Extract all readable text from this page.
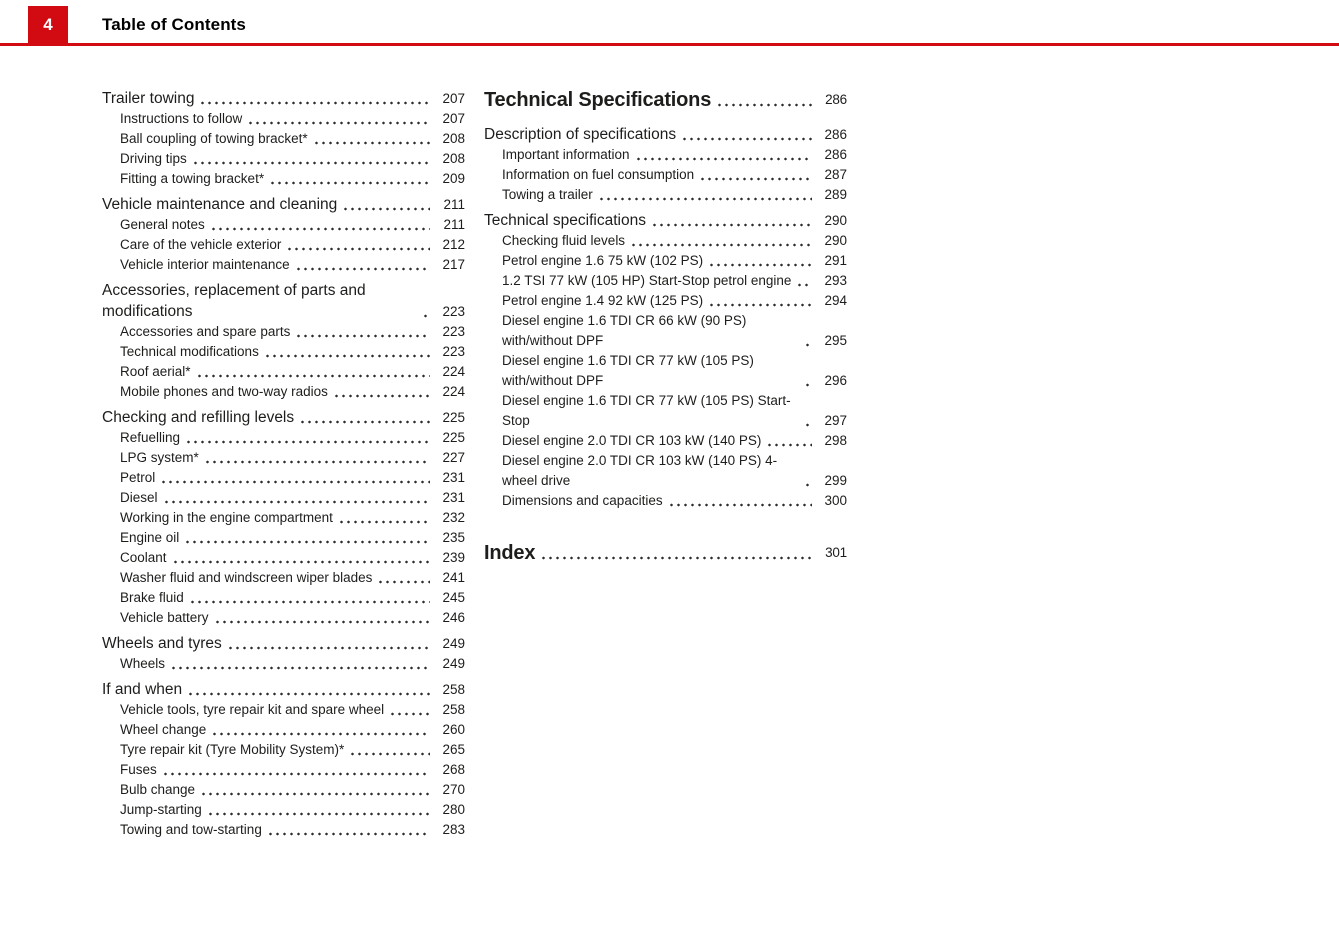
4	Table of Contents
Trailer towing	207
Instructions to follow	207
Ball coupling of towing bracket*	208
Driving tips	208
Fitting a towing bracket*	209
Vehicle maintenance and cleaning	211
General notes	211
Care of the vehicle exterior	212
Vehicle interior maintenance	217
Accessories, replacement of parts and modifications	223
Accessories and spare parts	223
Technical modifications	223
Roof aerial*	224
Mobile phones and two-way radios	224
Checking and refilling levels	225
Refuelling	225
LPG system*	227
Petrol	231
Diesel	231
Working in the engine compartment	232
Engine oil	235
Coolant	239
Washer fluid and windscreen wiper blades	241
Brake fluid	245
Vehicle battery	246
Wheels and tyres	249
Wheels	249
If and when	258
Vehicle tools, tyre repair kit and spare wheel	258
Wheel change	260
Tyre repair kit (Tyre Mobility System)*	265
Fuses	268
Bulb change	270
Jump-starting	280
Towing and tow-starting	283
Technical Specifications	286
Description of specifications	286
Important information	286
Information on fuel consumption	287
Towing a trailer	289
Technical specifications	290
Checking fluid levels	290
Petrol engine 1.6 75 kW (102 PS)	291
1.2 TSI 77 kW (105 HP) Start-Stop petrol engine	293
Petrol engine 1.4 92 kW (125 PS)	294
Diesel engine 1.6 TDI CR 66 kW (90 PS) with/without DPF	295
Diesel engine 1.6 TDI CR 77 kW (105 PS) with/without DPF	296
Diesel engine 1.6 TDI CR 77 kW (105 PS) Start-Stop	297
Diesel engine 2.0 TDI CR 103 kW (140 PS)	298
Diesel engine 2.0 TDI CR 103 kW (140 PS) 4-wheel drive	299
Dimensions and capacities	300
Index	301
